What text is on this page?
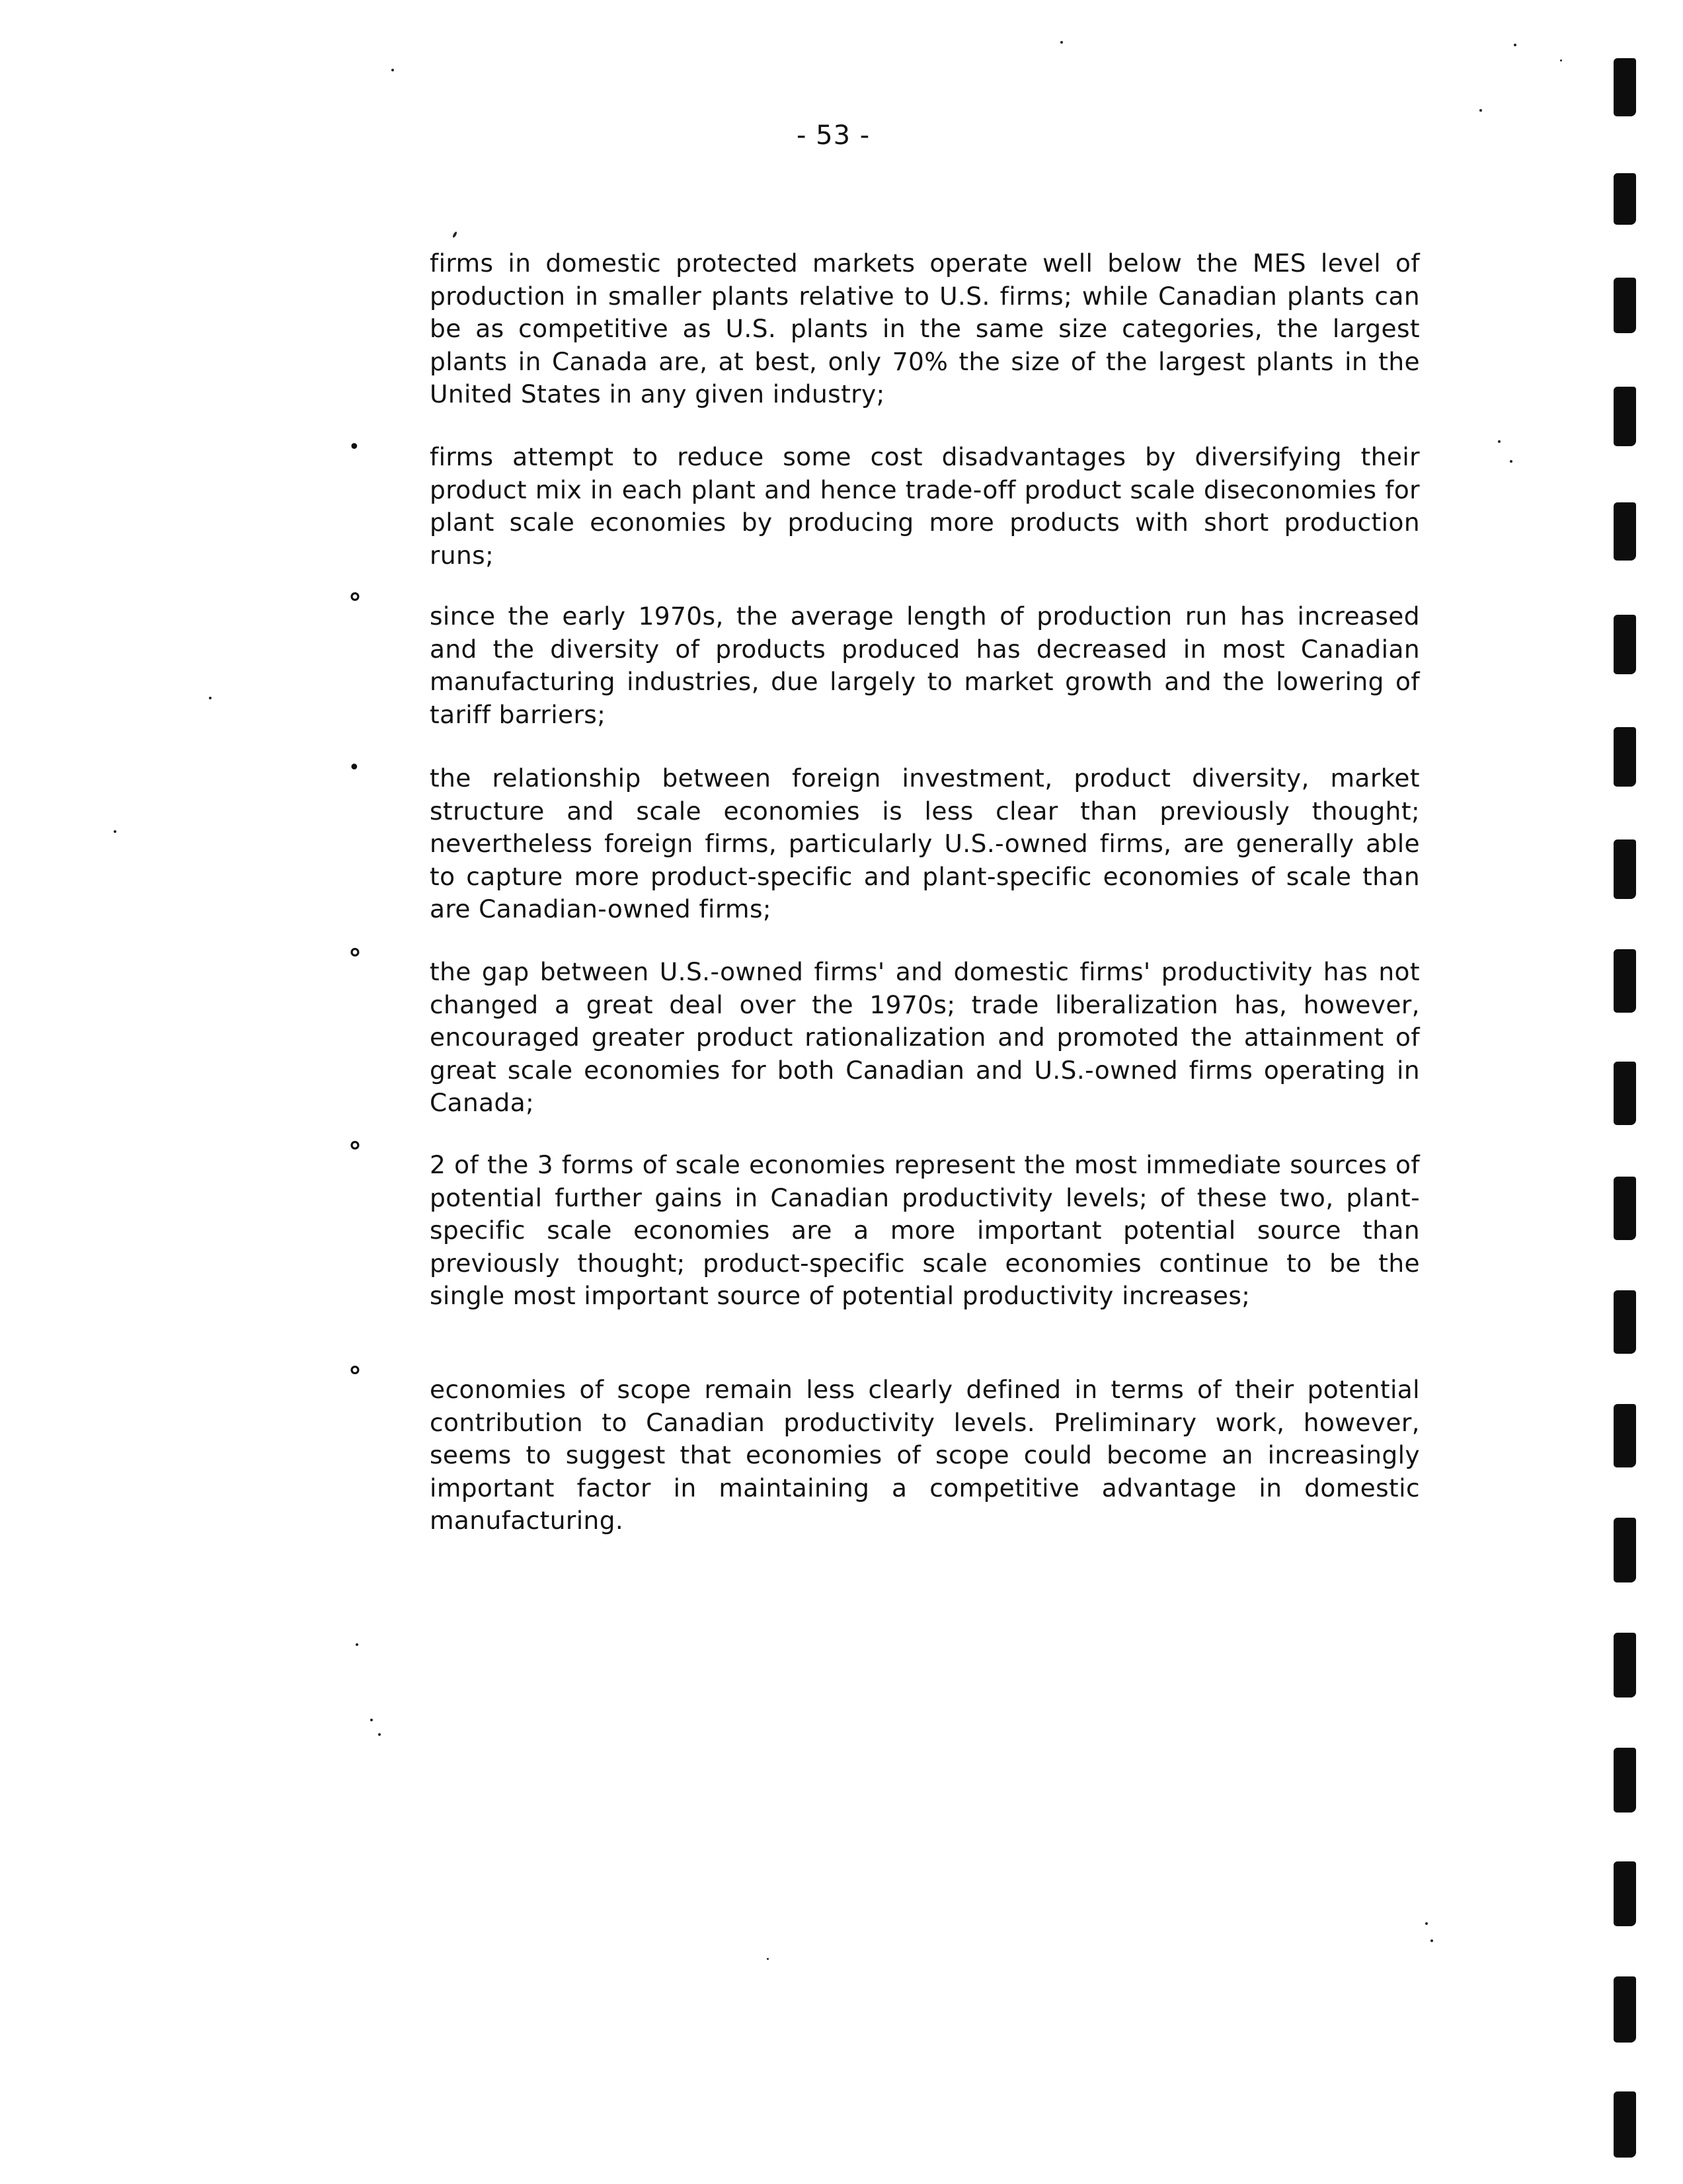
- 53 -

firms in domestic protected markets operate well below the MES level of production in smaller plants relative to U.S. firms; while Canadian plants can be as competitive as U.S. plants in the same size categories, the largest plants in Canada are, at best, only 70% the size of the largest plants in the United States in any given industry;

•

firms attempt to reduce some cost disadvantages by diversifying their product mix in each plant and hence trade-off product scale diseconomies for plant scale economies by producing more products with short production runs;

°

since the early 1970s, the average length of production run has increased and the diversity of products produced has decreased in most Canadian manufacturing industries, due largely to market growth and the lowering of tariff barriers;

•

the relationship between foreign investment, product diversity, market structure and scale economies is less clear than previously thought; nevertheless foreign firms, particularly U.S.-owned firms, are generally able to capture more product-specific and plant-specific economies of scale than are Canadian-owned firms;

°

the gap between U.S.-owned firms' and domestic firms' productivity has not changed a great deal over the 1970s; trade liberalization has, however, encouraged greater product rationalization and promoted the attainment of great scale economies for both Canadian and U.S.-owned firms operating in Canada;

°

2 of the 3 forms of scale economies represent the most immediate sources of potential further gains in Canadian productivity levels; of these two, plant-specific scale economies are a more important potential source than previously thought; product-specific scale economies continue to be the single most important source of potential productivity increases;

°

economies of scope remain less clearly defined in terms of their potential contribution to Canadian productivity levels. Preliminary work, however, seems to suggest that economies of scope could become an increasingly important factor in maintaining a competitive advantage in domestic manufacturing.
